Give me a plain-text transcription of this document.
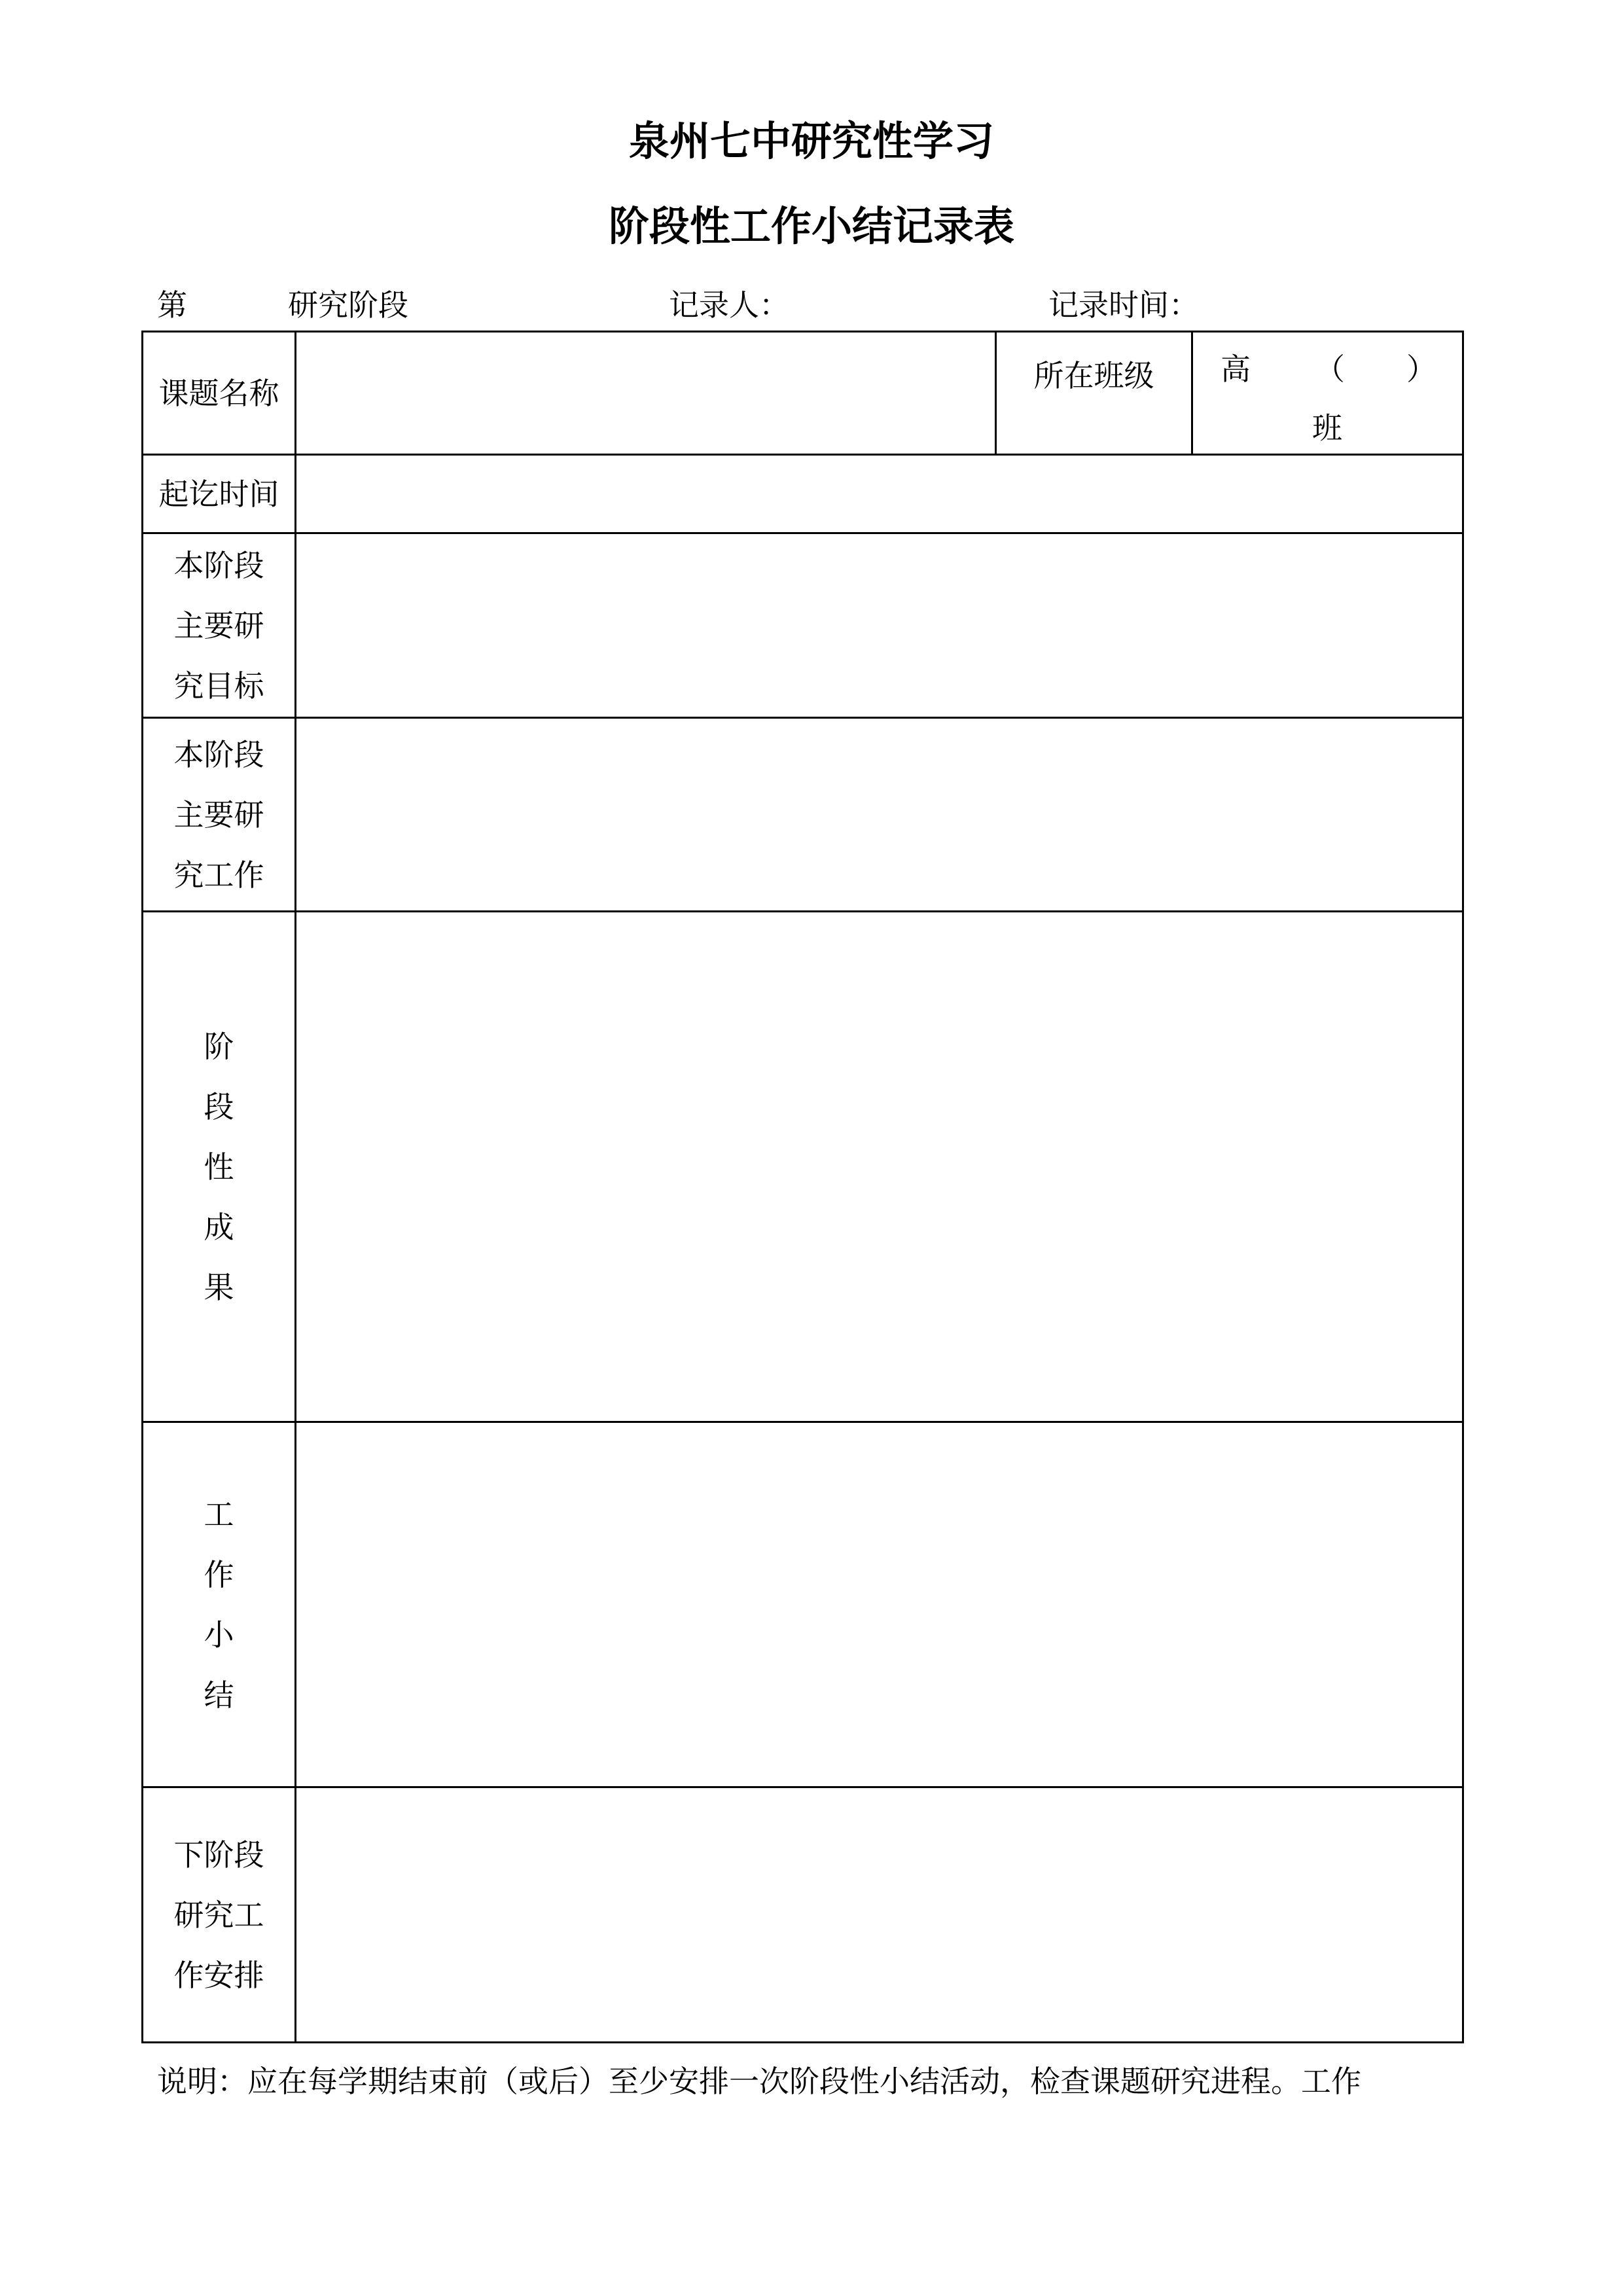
泉州七中研究性学习
阶段性工作小结记录表
第	研究阶段	记录人：	记录时间：
课题名称		所在班级	高 （ ）
班

起讫时间			
本阶段主要研究目标			
本阶段主要研究工作			
阶段性成果			
工作小结			
下阶段研究工作安排			
说明：应在每学期结束前（或后）至少安排一次阶段性小结活动，检查课题研究进程。工作
